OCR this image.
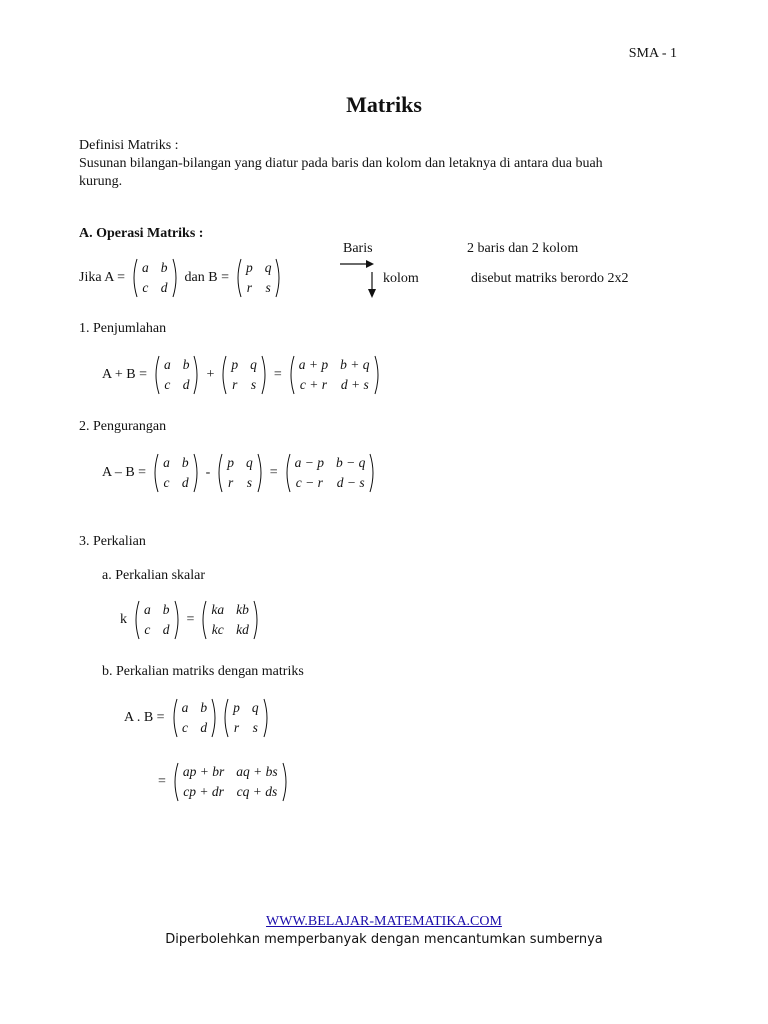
SMA - 1
Matriks
Definisi Matriks :
Susunan bilangan-bilangan yang diatur pada baris dan kolom dan letaknya di antara dua buah
kurung.
A. Operasi Matriks :
Baris
kolom
2 baris dan 2 kolom
disebut matriks berordo 2x2
Jika A =
a b
c d
dan B =
p q
r s
1. Penjumlahan
A + B =
a b
c d
+
p q
r s
=
a + p b + q
c + r d + s
2. Pengurangan
A – B =
a b
c d
-
p q
r s
=
a − p b − q
c − r d − s
3. Perkalian
a. Perkalian skalar
k
a b
c d
=
ka kb
kc kd
b. Perkalian matriks dengan matriks
A . B =
a b
c d
p q
r s
=
ap + br aq + bs
cp + dr cq + ds
WWW.BELAJAR-MATEMATIKA.COM
Diperbolehkan memperbanyak dengan mencantumkan sumbernya
